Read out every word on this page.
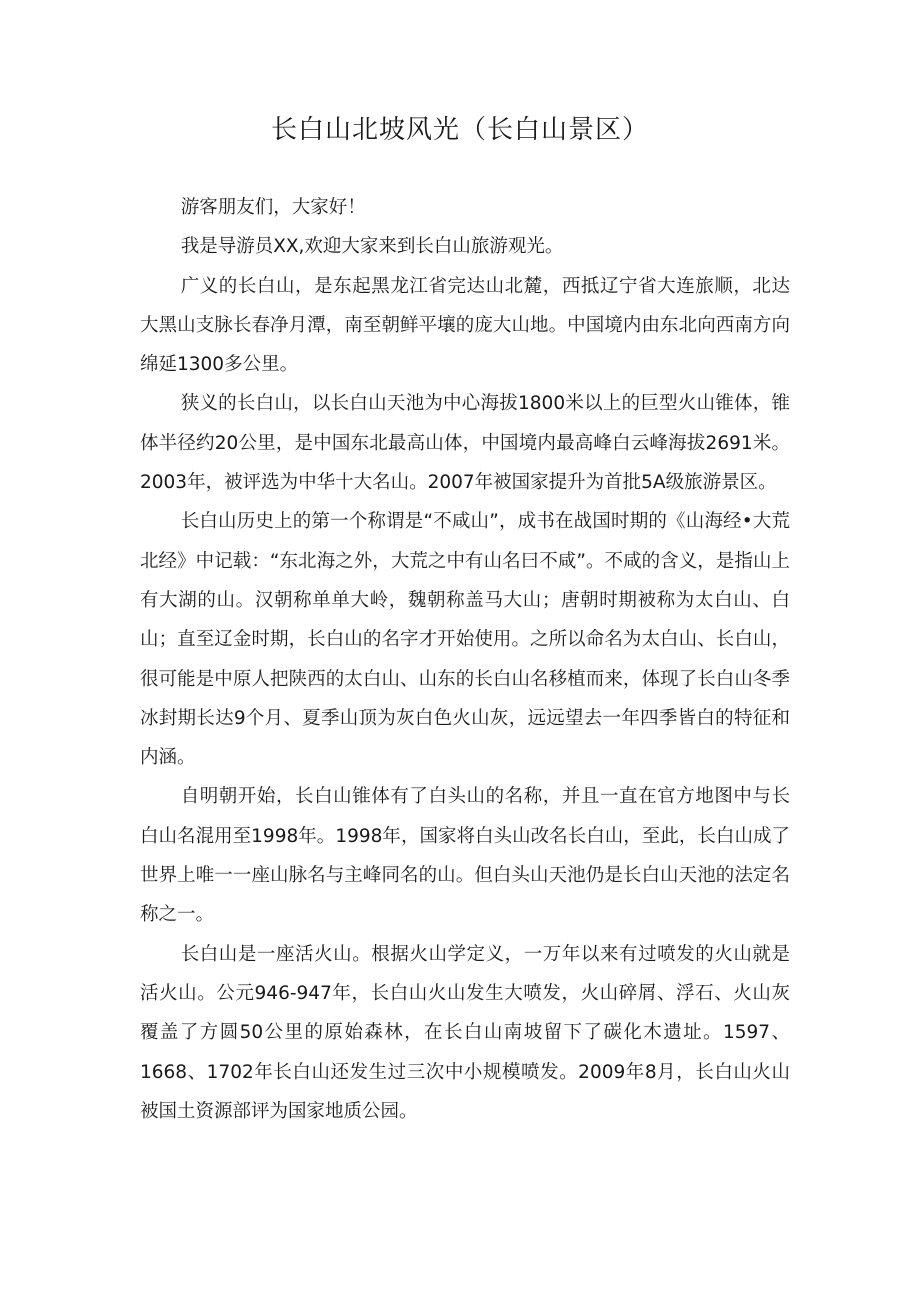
长白山北坡风光（长白山景区）

游客朋友们，大家好！

我是导游员XX,欢迎大家来到长白山旅游观光。

广义的长白山，是东起黑龙江省完达山北麓，西抵辽宁省大连旅顺，北达大黑山支脉长春净月潭，南至朝鲜平壤的庞大山地。中国境内由东北向西南方向绵延1300多公里。

狭义的长白山，以长白山天池为中心海拔1800米以上的巨型火山锥体，锥体半径约20公里，是中国东北最高山体，中国境内最高峰白云峰海拔2691米。2003年，被评选为中华十大名山。2007年被国家提升为首批5A级旅游景区。

长白山历史上的第一个称谓是“不咸山”，成书在战国时期的《山海经•大荒北经》中记载：“东北海之外，大荒之中有山名曰不咸”。不咸的含义，是指山上有大湖的山。汉朝称单单大岭，魏朝称盖马大山；唐朝时期被称为太白山、白山；直至辽金时期，长白山的名字才开始使用。之所以命名为太白山、长白山，很可能是中原人把陕西的太白山、山东的长白山名移植而来，体现了长白山冬季冰封期长达9个月、夏季山顶为灰白色火山灰，远远望去一年四季皆白的特征和内涵。

自明朝开始，长白山锥体有了白头山的名称，并且一直在官方地图中与长白山名混用至1998年。1998年，国家将白头山改名长白山，至此，长白山成了世界上唯一一座山脉名与主峰同名的山。但白头山天池仍是长白山天池的法定名称之一。

长白山是一座活火山。根据火山学定义，一万年以来有过喷发的火山就是活火山。公元946-947年，长白山火山发生大喷发，火山碎屑、浮石、火山灰覆盖了方圆50公里的原始森林，在长白山南坡留下了碳化木遗址。1597、1668、1702年长白山还发生过三次中小规模喷发。2009年8月，长白山火山被国土资源部评为国家地质公园。
